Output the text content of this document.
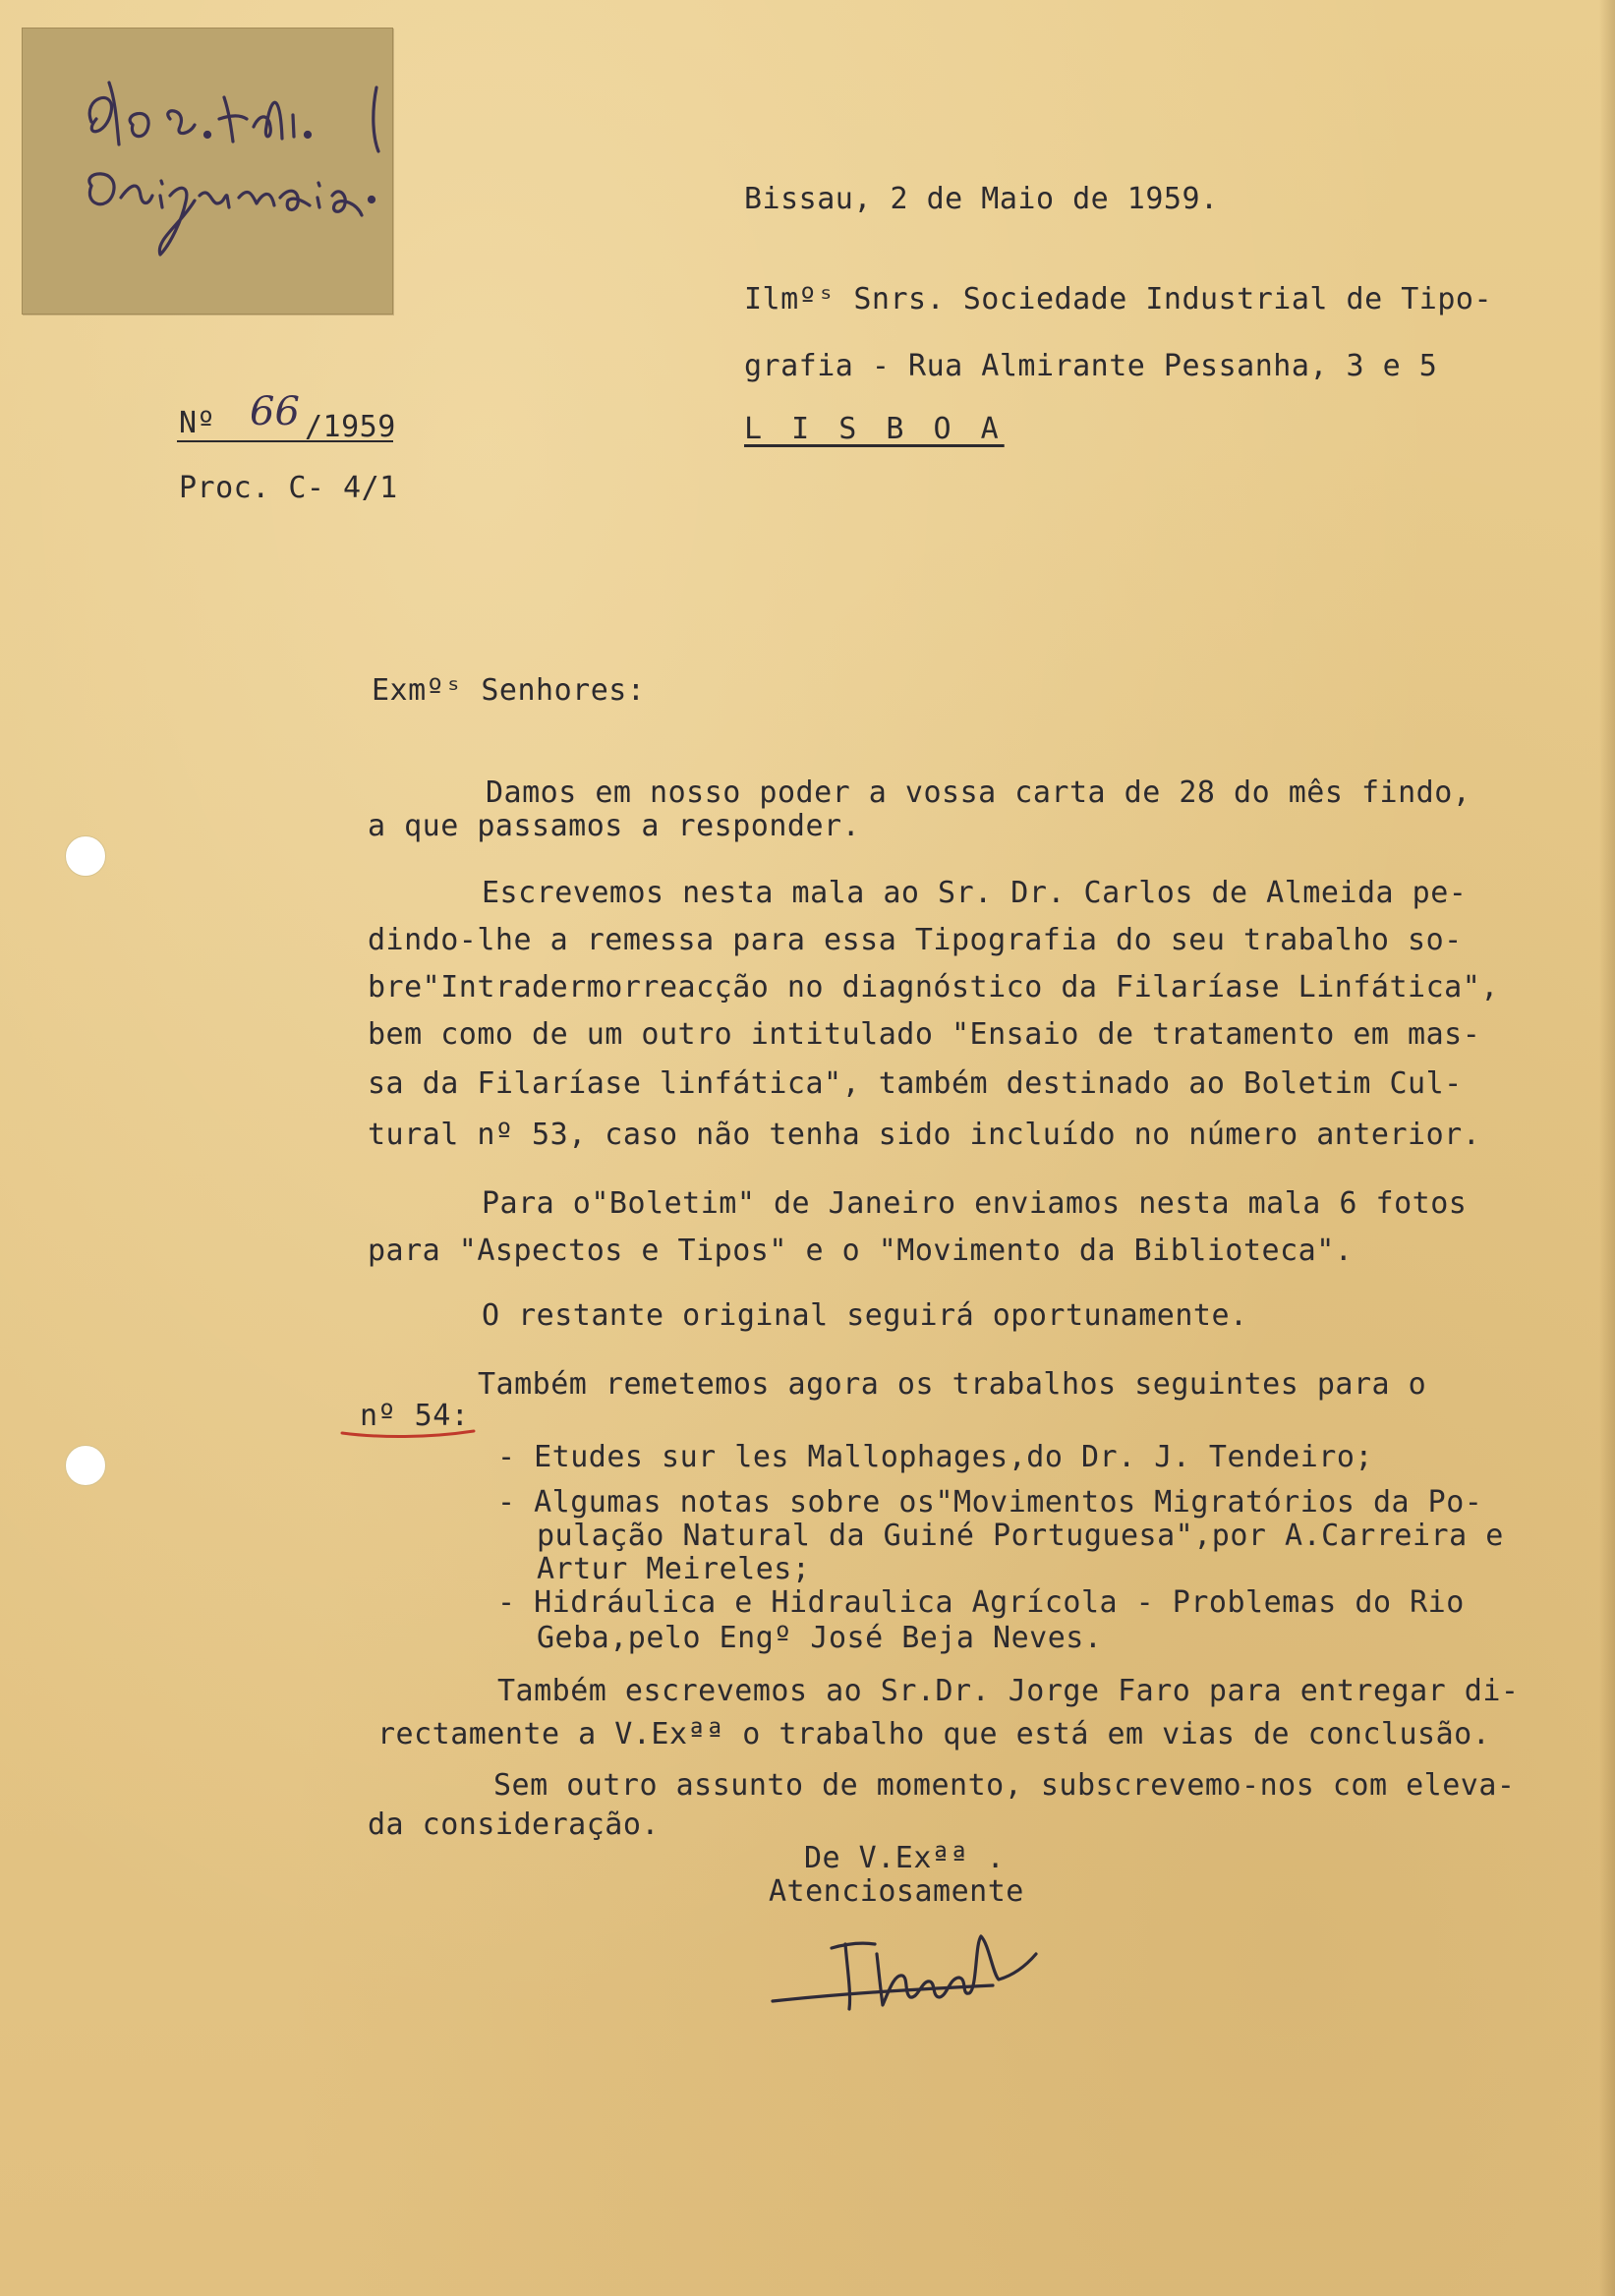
Bissau, 2 de Maio de 1959.
Ilmºˢ Snrs. Sociedade Industrial de Tipo-
grafia - Rua Almirante Pessanha, 3 e 5
L I S B O A
Nº 66 /1959
Proc. C- 4/1
Exmºˢ Senhores:
Damos em nosso poder a vossa carta de 28 do mês findo,
a que passamos a responder.
Escrevemos nesta mala ao Sr. Dr. Carlos de Almeida pe-
dindo-lhe a remessa para essa Tipografia do seu trabalho so-
bre"Intradermorreacção no diagnóstico da Filaríase Linfática",
bem como de um outro intitulado "Ensaio de tratamento em mas-
sa da Filaríase linfática", também destinado ao Boletim Cul-
tural nº 53, caso não tenha sido incluído no número anterior.
Para o"Boletim" de Janeiro enviamos nesta mala 6 fotos
para "Aspectos e Tipos" e o "Movimento da Biblioteca".
O restante original seguirá oportunamente.
Também remetemos agora os trabalhos seguintes para o
nº 54:
- Etudes sur les Mallophages,do Dr. J. Tendeiro;
- Algumas notas sobre os"Movimentos Migratórios da Po-
pulação Natural da Guiné Portuguesa",por A.Carreira e
Artur Meireles;
- Hidráulica e Hidraulica Agrícola - Problemas do Rio
Geba,pelo Engº José Beja Neves.
Também escrevemos ao Sr.Dr. Jorge Faro para entregar di-
rectamente a V.Exªª o trabalho que está em vias de conclusão.
Sem outro assunto de momento, subscrevemo-nos com eleva-
da consideração.
De V.Exªª .
Atenciosamente
